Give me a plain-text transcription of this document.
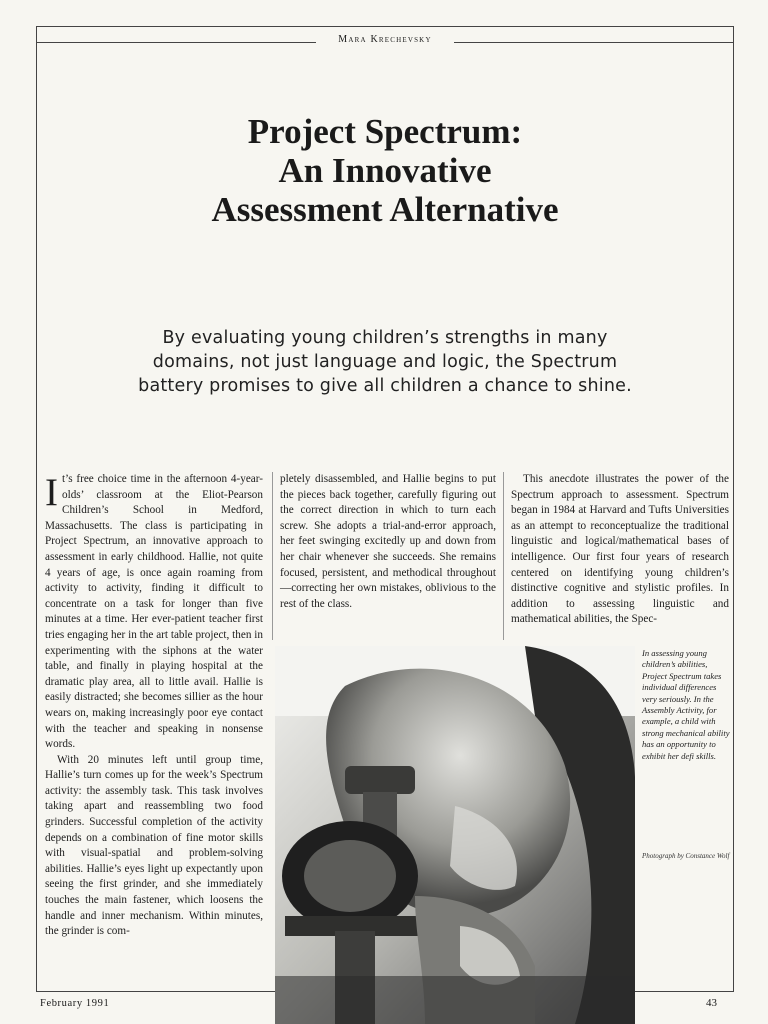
Mara Krechevsky

Project Spectrum:

An Innovative

Assessment Alternative

By evaluating young children’s strengths in many

domains, not just language and logic, the Spectrum

battery promises to give all children a chance to shine.

It’s free choice time in the afternoon 4-year-olds’ classroom at the Eliot-Pearson Children’s School in Medford, Massachusetts. The class is participating in Project Spectrum, an innovative approach to assessment in early childhood. Hallie, not quite 4 years of age, is once again roaming from activity to activity, finding it difficult to concentrate on a task for longer than five minutes at a time. Her ever-patient teacher first tries engaging her in the art table project, then in experimenting with the siphons at the water table, and finally in playing hospital at the dramatic play area, all to little avail. Hallie is easily distracted; she becomes sillier as the hour wears on, making increasingly poor eye contact with the teacher and speaking in nonsense words.

With 20 minutes left until group time, Hallie’s turn comes up for the week’s Spectrum activity: the assembly task. This task involves taking apart and reassembling two food grinders. Successful completion of the activity depends on a combination of fine motor skills with visual-spatial and problem-solving abilities. Hallie’s eyes light up expectantly upon seeing the first grinder, and she immediately touches the main fastener, which loosens the handle and inner mechanism. Within minutes, the grinder is com-

pletely disassembled, and Hallie begins to put the pieces back together, carefully figuring out the correct direction in which to turn each screw. She adopts a trial-and-error approach, her feet swinging excitedly up and down from her chair whenever she succeeds. She remains focused, persistent, and methodical throughout—correcting her own mistakes, oblivious to the rest of the class.

This anecdote illustrates the power of the Spectrum approach to assessment. Spectrum began in 1984 at Harvard and Tufts Universities as an attempt to reconceptualize the traditional linguistic and logical/mathematical bases of intelligence. Our first four years of research centered on identifying young children’s distinctive cognitive and stylistic profiles. In addition to assessing linguistic and mathematical abilities, the Spec-

In assessing young children’s abilities, Project Spectrum takes individual differences very seriously. In the Assembly Activity, for example, a child with strong mechanical ability has an opportunity to exhibit her defi skills.
Photograph by Constance Wolf
February 1991	43
